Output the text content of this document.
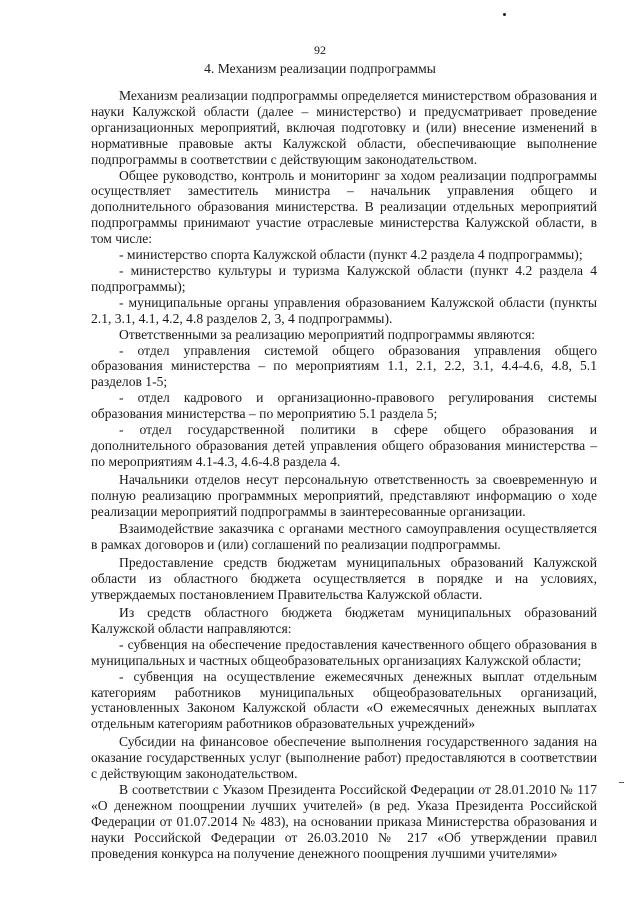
92
4. Механизм реализации подпрограммы

Механизм реализации подпрограммы определяется министерством образования и науки Калужской области (далее – министерство) и предусматривает проведение организационных мероприятий, включая подготовку и (или) внесение изменений в нормативные правовые акты Калужской области, обеспечивающие выполнение подпрограммы в соответствии с действующим законодательством.

Общее руководство, контроль и мониторинг за ходом реализации подпрограммы осуществляет заместитель министра – начальник управления общего и дополнительного образования министерства. В реализации отдельных мероприятий подпрограммы принимают участие отраслевые министерства Калужской области, в том числе:

- министерство спорта Калужской области (пункт 4.2 раздела 4 подпрограммы);

- министерство культуры и туризма Калужской области (пункт 4.2 раздела 4 подпрограммы);

- муниципальные органы управления образованием Калужской области (пункты 2.1, 3.1, 4.1, 4.2, 4.8 разделов 2, 3, 4 подпрограммы).

Ответственными за реализацию мероприятий подпрограммы являются:

- отдел управления системой общего образования управления общего образования министерства – по мероприятиям 1.1, 2.1, 2.2, 3.1, 4.4-4.6, 4.8, 5.1 разделов 1-5;

- отдел кадрового и организационно-правового регулирования системы образования министерства – по мероприятию 5.1 раздела 5;

- отдел государственной политики в сфере общего образования и дополнительного образования детей управления общего образования министерства – по мероприятиям 4.1-4.3, 4.6-4.8 раздела 4.

Начальники отделов несут персональную ответственность за своевременную и полную реализацию программных мероприятий, представляют информацию о ходе реализации мероприятий подпрограммы в заинтересованные организации.

Взаимодействие заказчика с органами местного самоуправления осуществляется в рамках договоров и (или) соглашений по реализации подпрограммы.

Предоставление средств бюджетам муниципальных образований Калужской области из областного бюджета осуществляется в порядке и на условиях, утверждаемых постановлением Правительства Калужской области.

Из средств областного бюджета бюджетам муниципальных образований Калужской области направляются:

- субвенция на обеспечение предоставления качественного общего образования в муниципальных и частных общеобразовательных организациях Калужской области;

- субвенция на осуществление ежемесячных денежных выплат отдельным категориям работников муниципальных общеобразовательных организаций, установленных Законом Калужской области «О ежемесячных денежных выплатах отдельным категориям работников образовательных учреждений»

Субсидии на финансовое обеспечение выполнения государственного задания на оказание государственных услуг (выполнение работ) предоставляются в соответствии с действующим законодательством.

В соответствии с Указом Президента Российской Федерации от 28.01.2010 № 117 «О денежном поощрении лучших учителей» (в ред. Указа Президента Российской Федерации от 01.07.2014 № 483), на основании приказа Министерства образования и науки Российской Федерации от 26.03.2010 № 217 «Об утверждении правил проведения конкурса на получение денежного поощрения лучшими учителями»
